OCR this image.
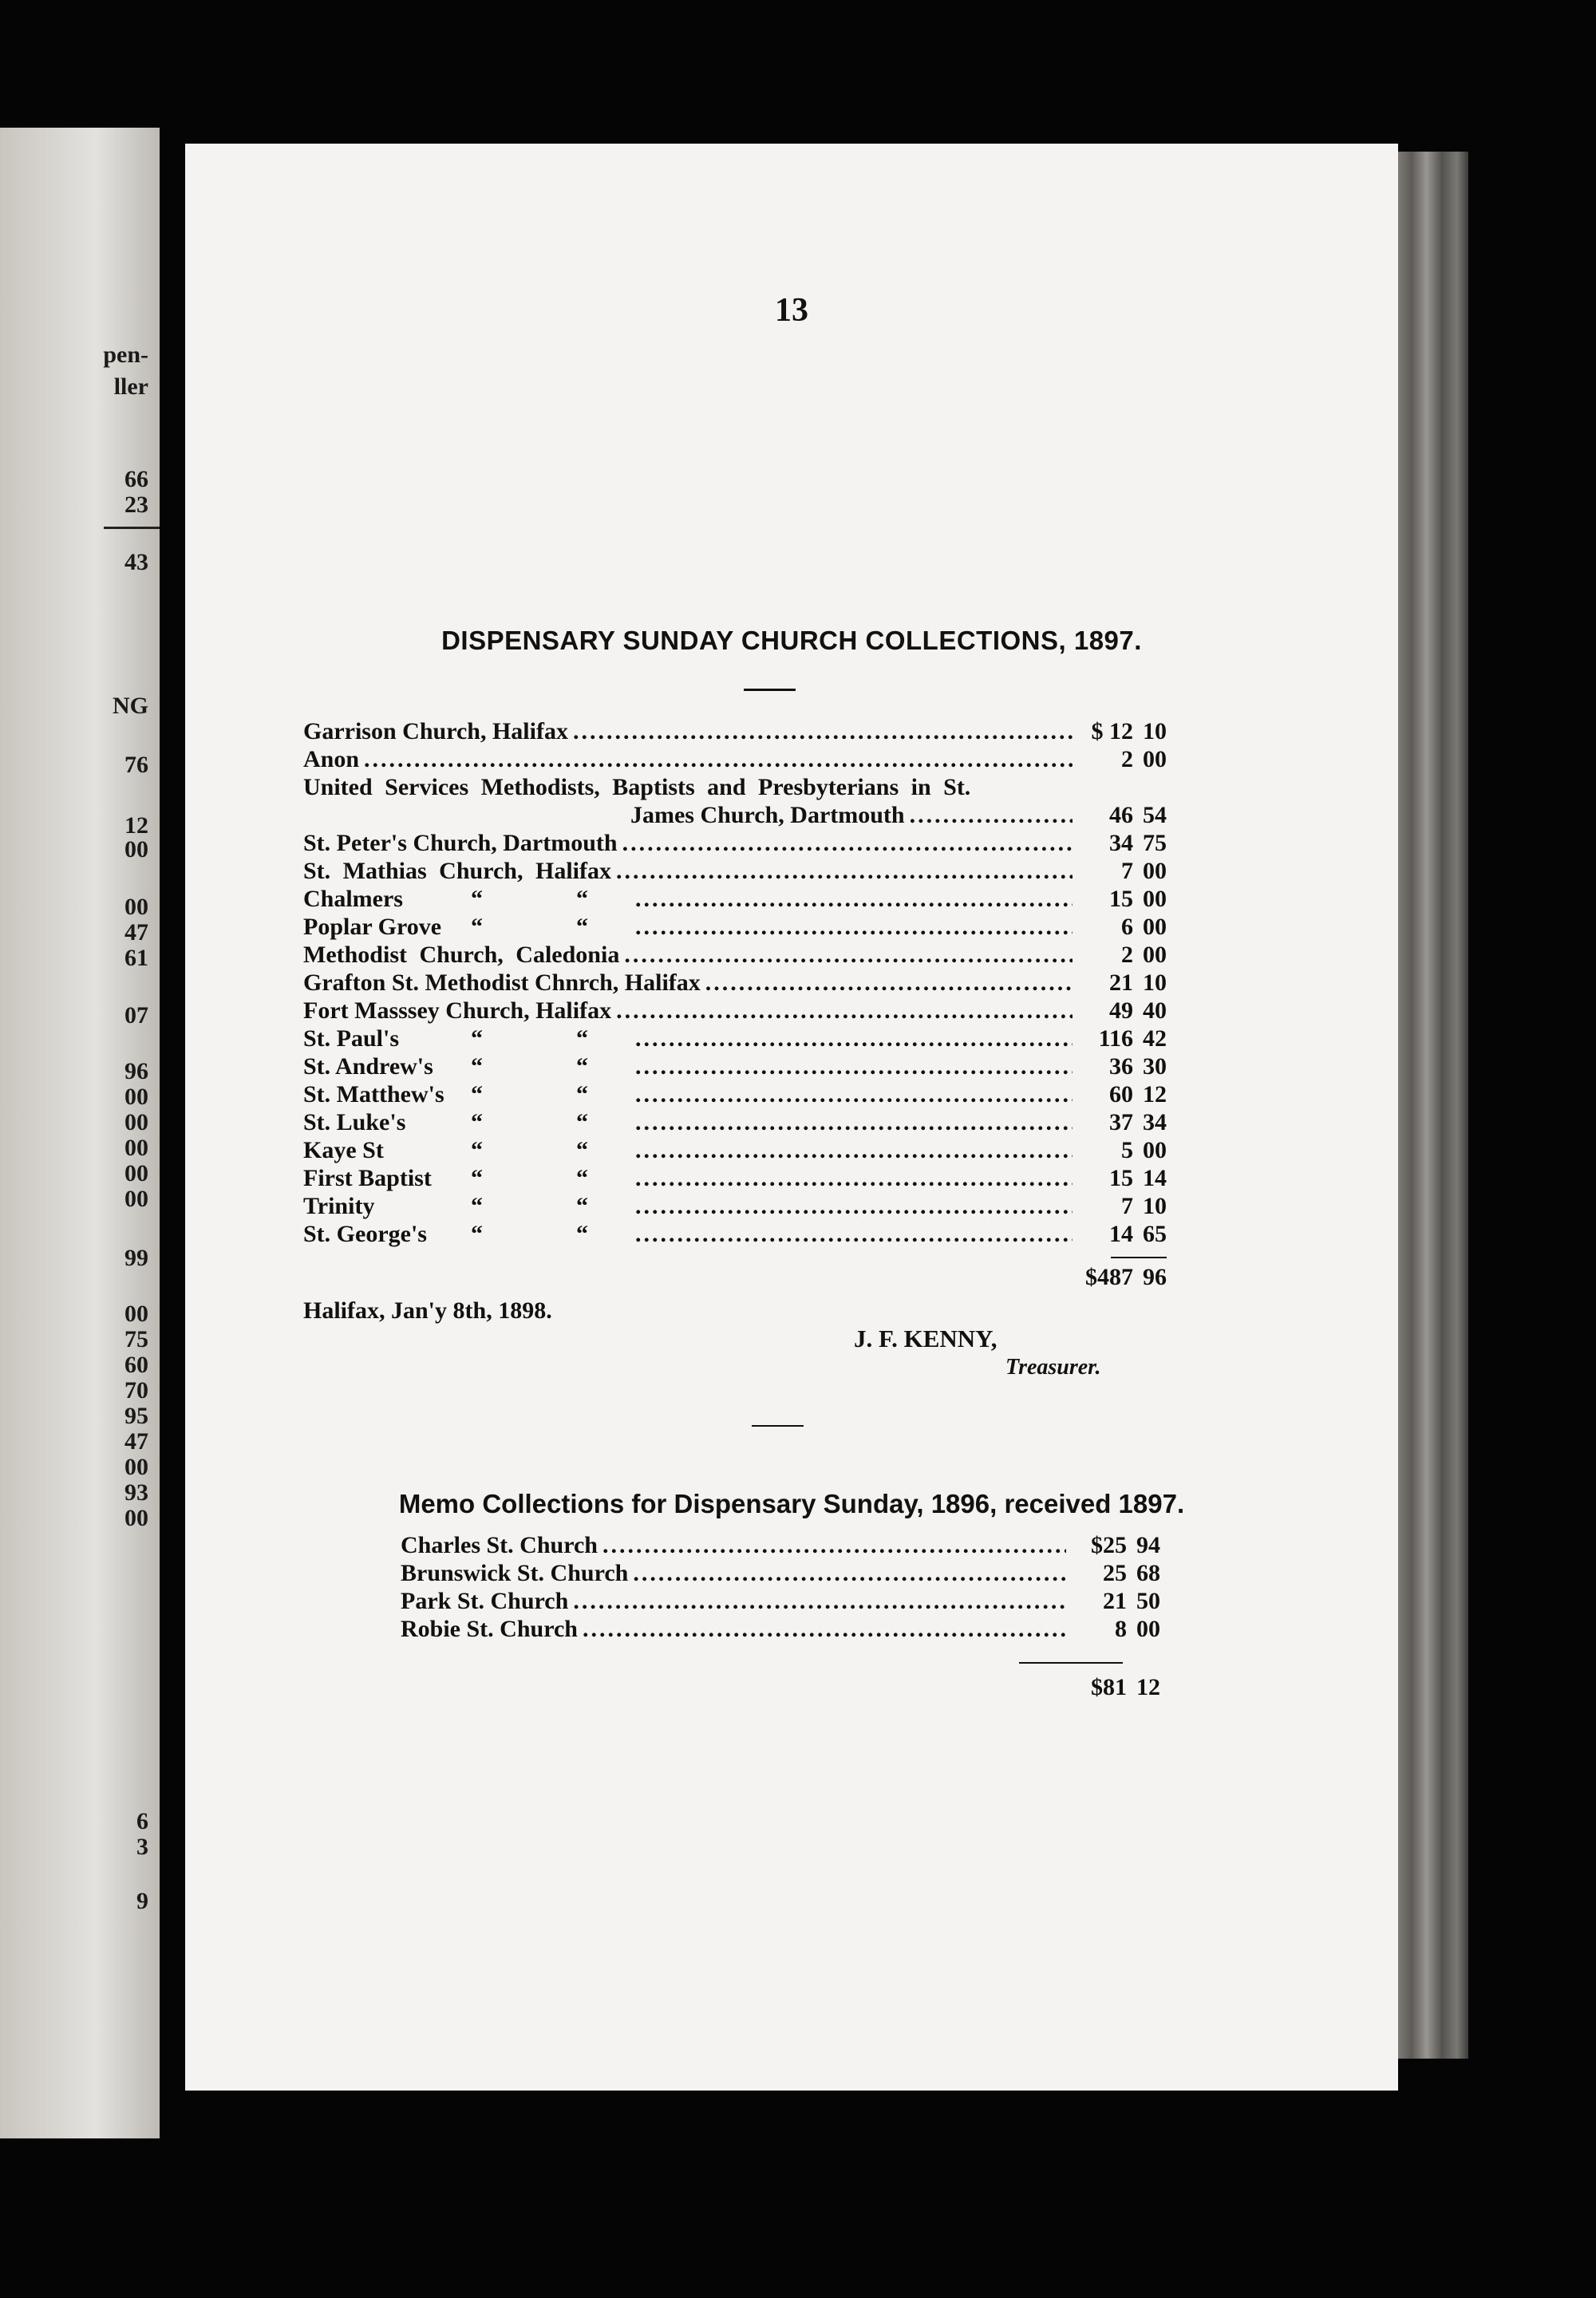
pen-
ller
66
23
43
NG
76
12
00
00
47
61
07
96
00
00
00
00
00
99
00
75
60
70
95
47
00
93
00
6
3
9
13
DISPENSARY SUNDAY CHURCH COLLECTIONS, 1897.
Garrison Church, Halifax .....	$ 12 10
Anon .....	2 00
United Services Methodists, Baptists and Presbyterians in St.
James Church, Dartmouth .....	46 54
St. Peter's Church, Dartmouth .....	34 75
St. Mathias Church, Halifax .....	7 00
Chalmers	“	“ .....	15 00
Poplar Grove	“	“ .....	6 00
Methodist Church, Caledonia .....	2 00
Grafton St. Methodist Chnrch, Halifax .....	21 10
Fort Masssey Church, Halifax .....	49 40
St. Paul's	“	“ .....	116 42
St. Andrew's	“	“ .....	36 30
St. Matthew's	“	“ .....	60 12
St. Luke's	“	“ .....	37 34
Kaye St	“	“ .....	5 00
First Baptist	“	“ .....	15 14
Trinity	“	“ .....	7 10
St. George's	“	“ .....	14 65
$487 96
Halifax, Jan'y 8th, 1898.
J. F. KENNY,
Treasurer.
Memo Collections for Dispensary Sunday, 1896, received 1897.
Charles St. Church .....	$25 94
Brunswick St. Church .....	25 68
Park St. Church .....	21 50
Robie St. Church .....	8 00
$81 12
